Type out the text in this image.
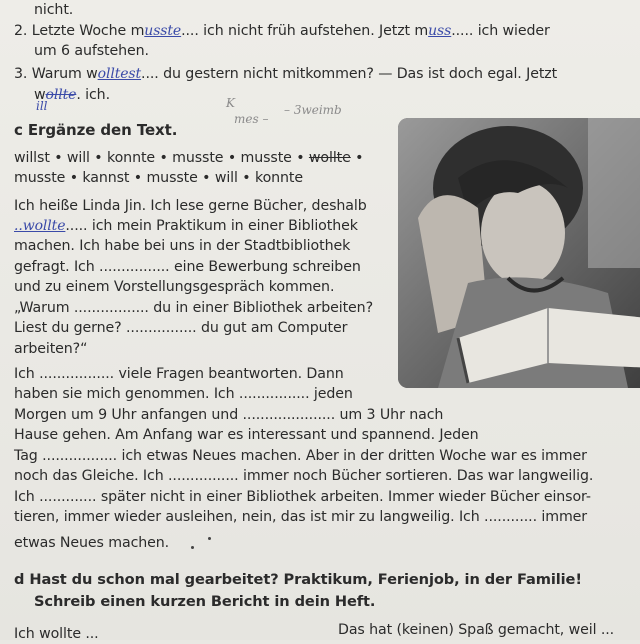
nicht.
2. Letzte Woche musste.... ich nicht früh aufstehen. Jetzt muss..... ich wieder
um 6 aufstehen.
3. Warum wolltest.... du gestern nicht mitkommen? — Das ist doch egal. Jetzt
wollte. ich.
ill
c Ergänze den Text.
K
mes –
– 3weimb
willst • will • konnte • musste • musste • wollte •
musste • kannst • musste • will • konnte
Ich heiße Linda Jin. Ich lese gerne Bücher, deshalb
..wollte..... ich mein Praktikum in einer Bibliothek
machen. Ich habe bei uns in der Stadtbibliothek
gefragt. Ich ................ eine Bewerbung schreiben
und zu einem Vorstellungsgespräch kommen.
„Warum ................. du in einer Bibliothek arbeiten?
Liest du gerne? ................ du gut am Computer
arbeiten?“
Ich ................. viele Fragen beantworten. Dann
haben sie mich genommen. Ich ................ jeden
Morgen um 9 Uhr anfangen und ..................... um 3 Uhr nach
Hause gehen. Am Anfang war es interessant und spannend. Jeden
Tag ................. ich etwas Neues machen. Aber in der dritten Woche war es immer
noch das Gleiche. Ich ................ immer noch Bücher sortieren. Das war langweilig.
Ich ............. später nicht in einer Bibliothek arbeiten. Immer wieder Bücher einsor-
tieren, immer wieder ausleihen, nein, das ist mir zu langweilig. Ich ............ immer
etwas Neues machen.
d Hast du schon mal gearbeitet? Praktikum, Ferienjob, in der Familie!
Schreib einen kurzen Bericht in dein Heft.
Ich wollte ...	Das hat (keinen) Spaß gemacht, weil ...
